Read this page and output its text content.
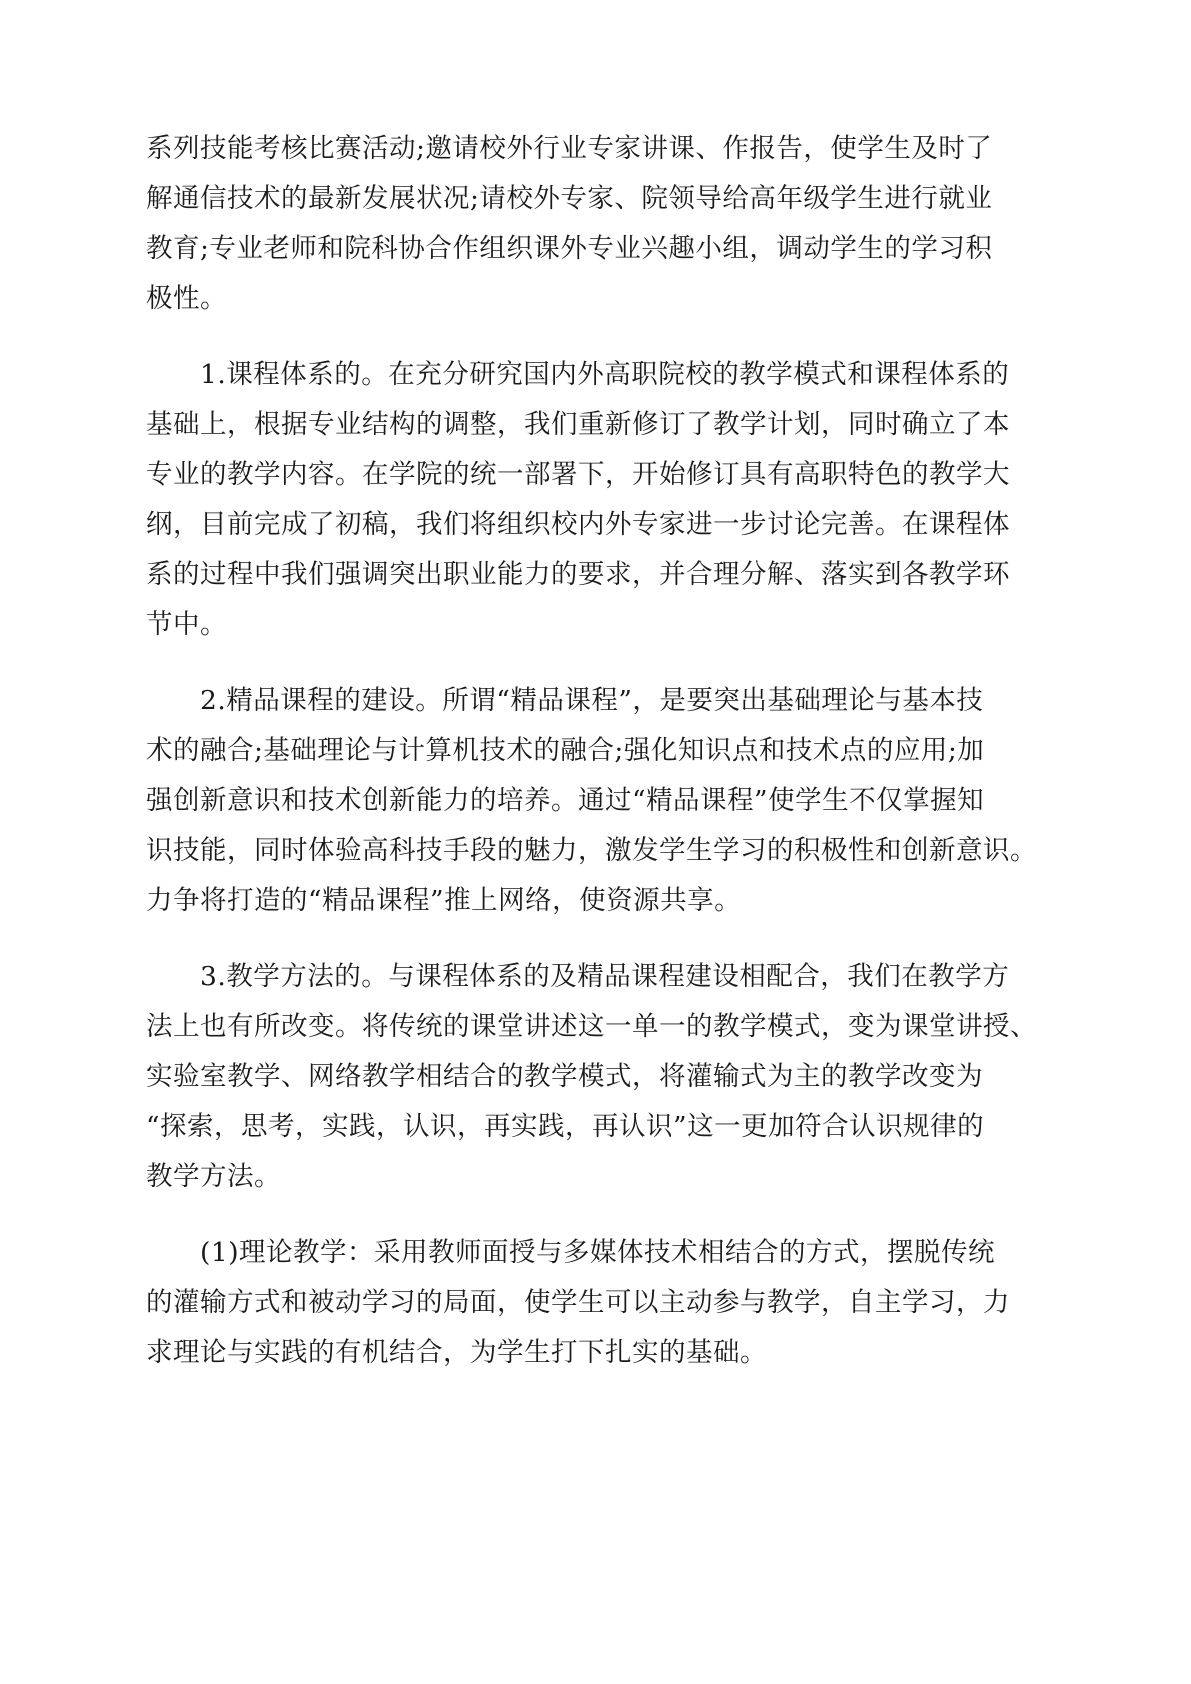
系列技能考核比赛活动;邀请校外行业专家讲课、作报告，使学生及时了
解通信技术的最新发展状况;请校外专家、院领导给高年级学生进行就业
教育;专业老师和院科协合作组织课外专业兴趣小组，调动学生的学习积
极性。
　　1.课程体系的。在充分研究国内外高职院校的教学模式和课程体系的
基础上，根据专业结构的调整，我们重新修订了教学计划，同时确立了本
专业的教学内容。在学院的统一部署下，开始修订具有高职特色的教学大
纲，目前完成了初稿，我们将组织校内外专家进一步讨论完善。在课程体
系的过程中我们强调突出职业能力的要求，并合理分解、落实到各教学环
节中。
　　2.精品课程的建设。所谓“精品课程”，是要突出基础理论与基本技
术的融合;基础理论与计算机技术的融合;强化知识点和技术点的应用;加
强创新意识和技术创新能力的培养。通过“精品课程”使学生不仅掌握知
识技能，同时体验高科技手段的魅力，激发学生学习的积极性和创新意识。
力争将打造的“精品课程”推上网络，使资源共享。
　　3.教学方法的。与课程体系的及精品课程建设相配合，我们在教学方
法上也有所改变。将传统的课堂讲述这一单一的教学模式，变为课堂讲授、
实验室教学、网络教学相结合的教学模式，将灌输式为主的教学改变为
“探索，思考，实践，认识，再实践，再认识”这一更加符合认识规律的
教学方法。
　　(1)理论教学：采用教师面授与多媒体技术相结合的方式，摆脱传统
的灌输方式和被动学习的局面，使学生可以主动参与教学，自主学习，力
求理论与实践的有机结合，为学生打下扎实的基础。
